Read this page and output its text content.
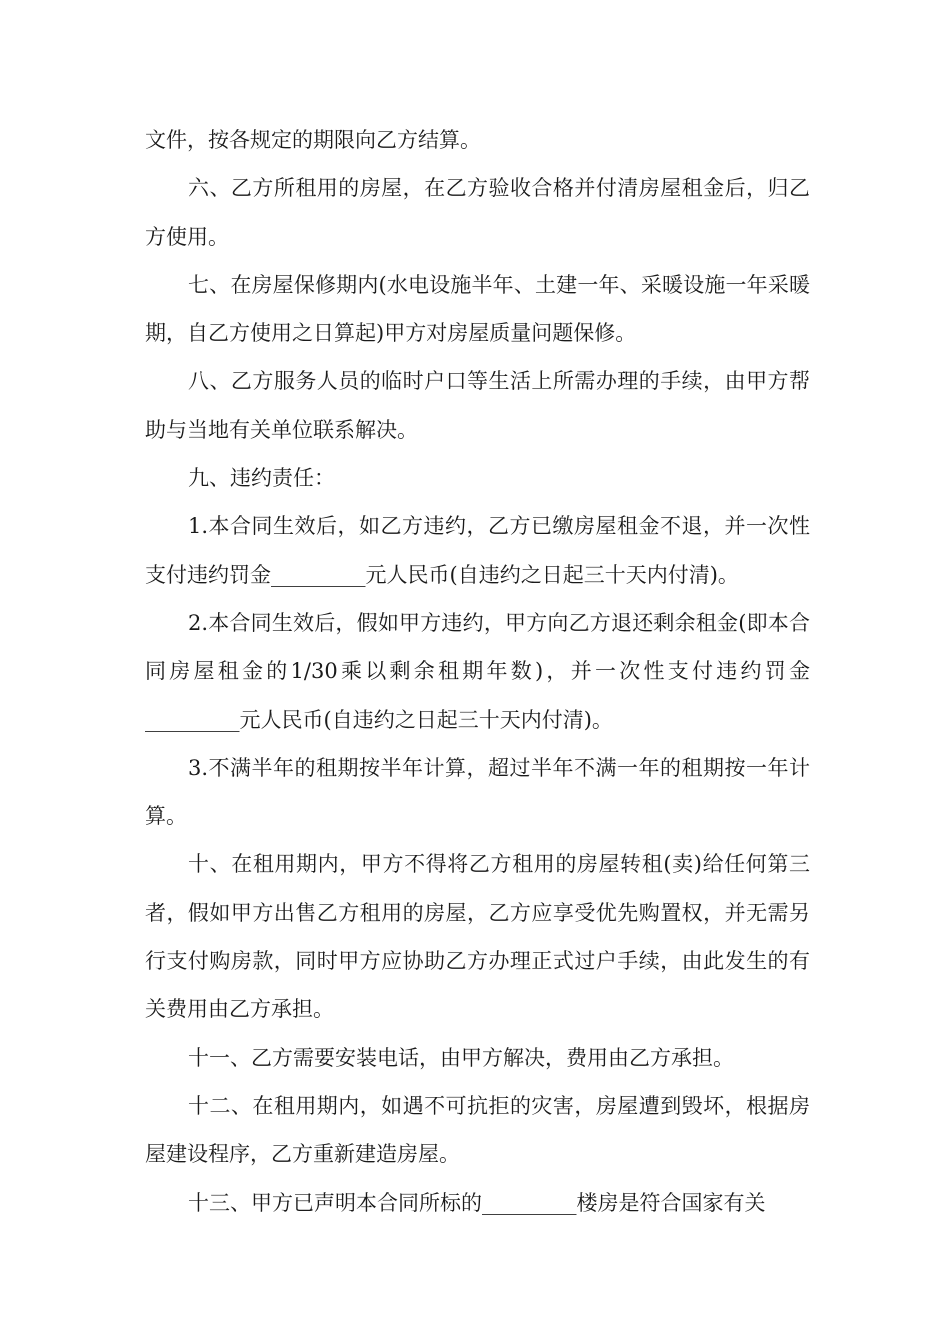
文件，按各规定的期限向乙方结算。

六、乙方所租用的房屋，在乙方验收合格并付清房屋租金后，归乙方使用。

七、在房屋保修期内(水电设施半年、土建一年、采暖设施一年采暖期，自乙方使用之日算起)甲方对房屋质量问题保修。

八、乙方服务人员的临时户口等生活上所需办理的手续，由甲方帮助与当地有关单位联系解决。

九、违约责任：

1.本合同生效后，如乙方违约，乙方已缴房屋租金不退，并一次性支付违约罚金_________元人民币(自违约之日起三十天内付清)。

2.本合同生效后，假如甲方违约，甲方向乙方退还剩余租金(即本合同房屋租金的1/30乘以剩余租期年数)，并一次性支付违约罚金_________元人民币(自违约之日起三十天内付清)。

3.不满半年的租期按半年计算，超过半年不满一年的租期按一年计算。

十、在租用期内，甲方不得将乙方租用的房屋转租(卖)给任何第三者，假如甲方出售乙方租用的房屋，乙方应享受优先购置权，并无需另行支付购房款，同时甲方应协助乙方办理正式过户手续，由此发生的有关费用由乙方承担。

十一、乙方需要安装电话，由甲方解决，费用由乙方承担。

十二、在租用期内，如遇不可抗拒的灾害，房屋遭到毁坏，根据房屋建设程序，乙方重新建造房屋。

十三、甲方已声明本合同所标的_________楼房是符合国家有关
